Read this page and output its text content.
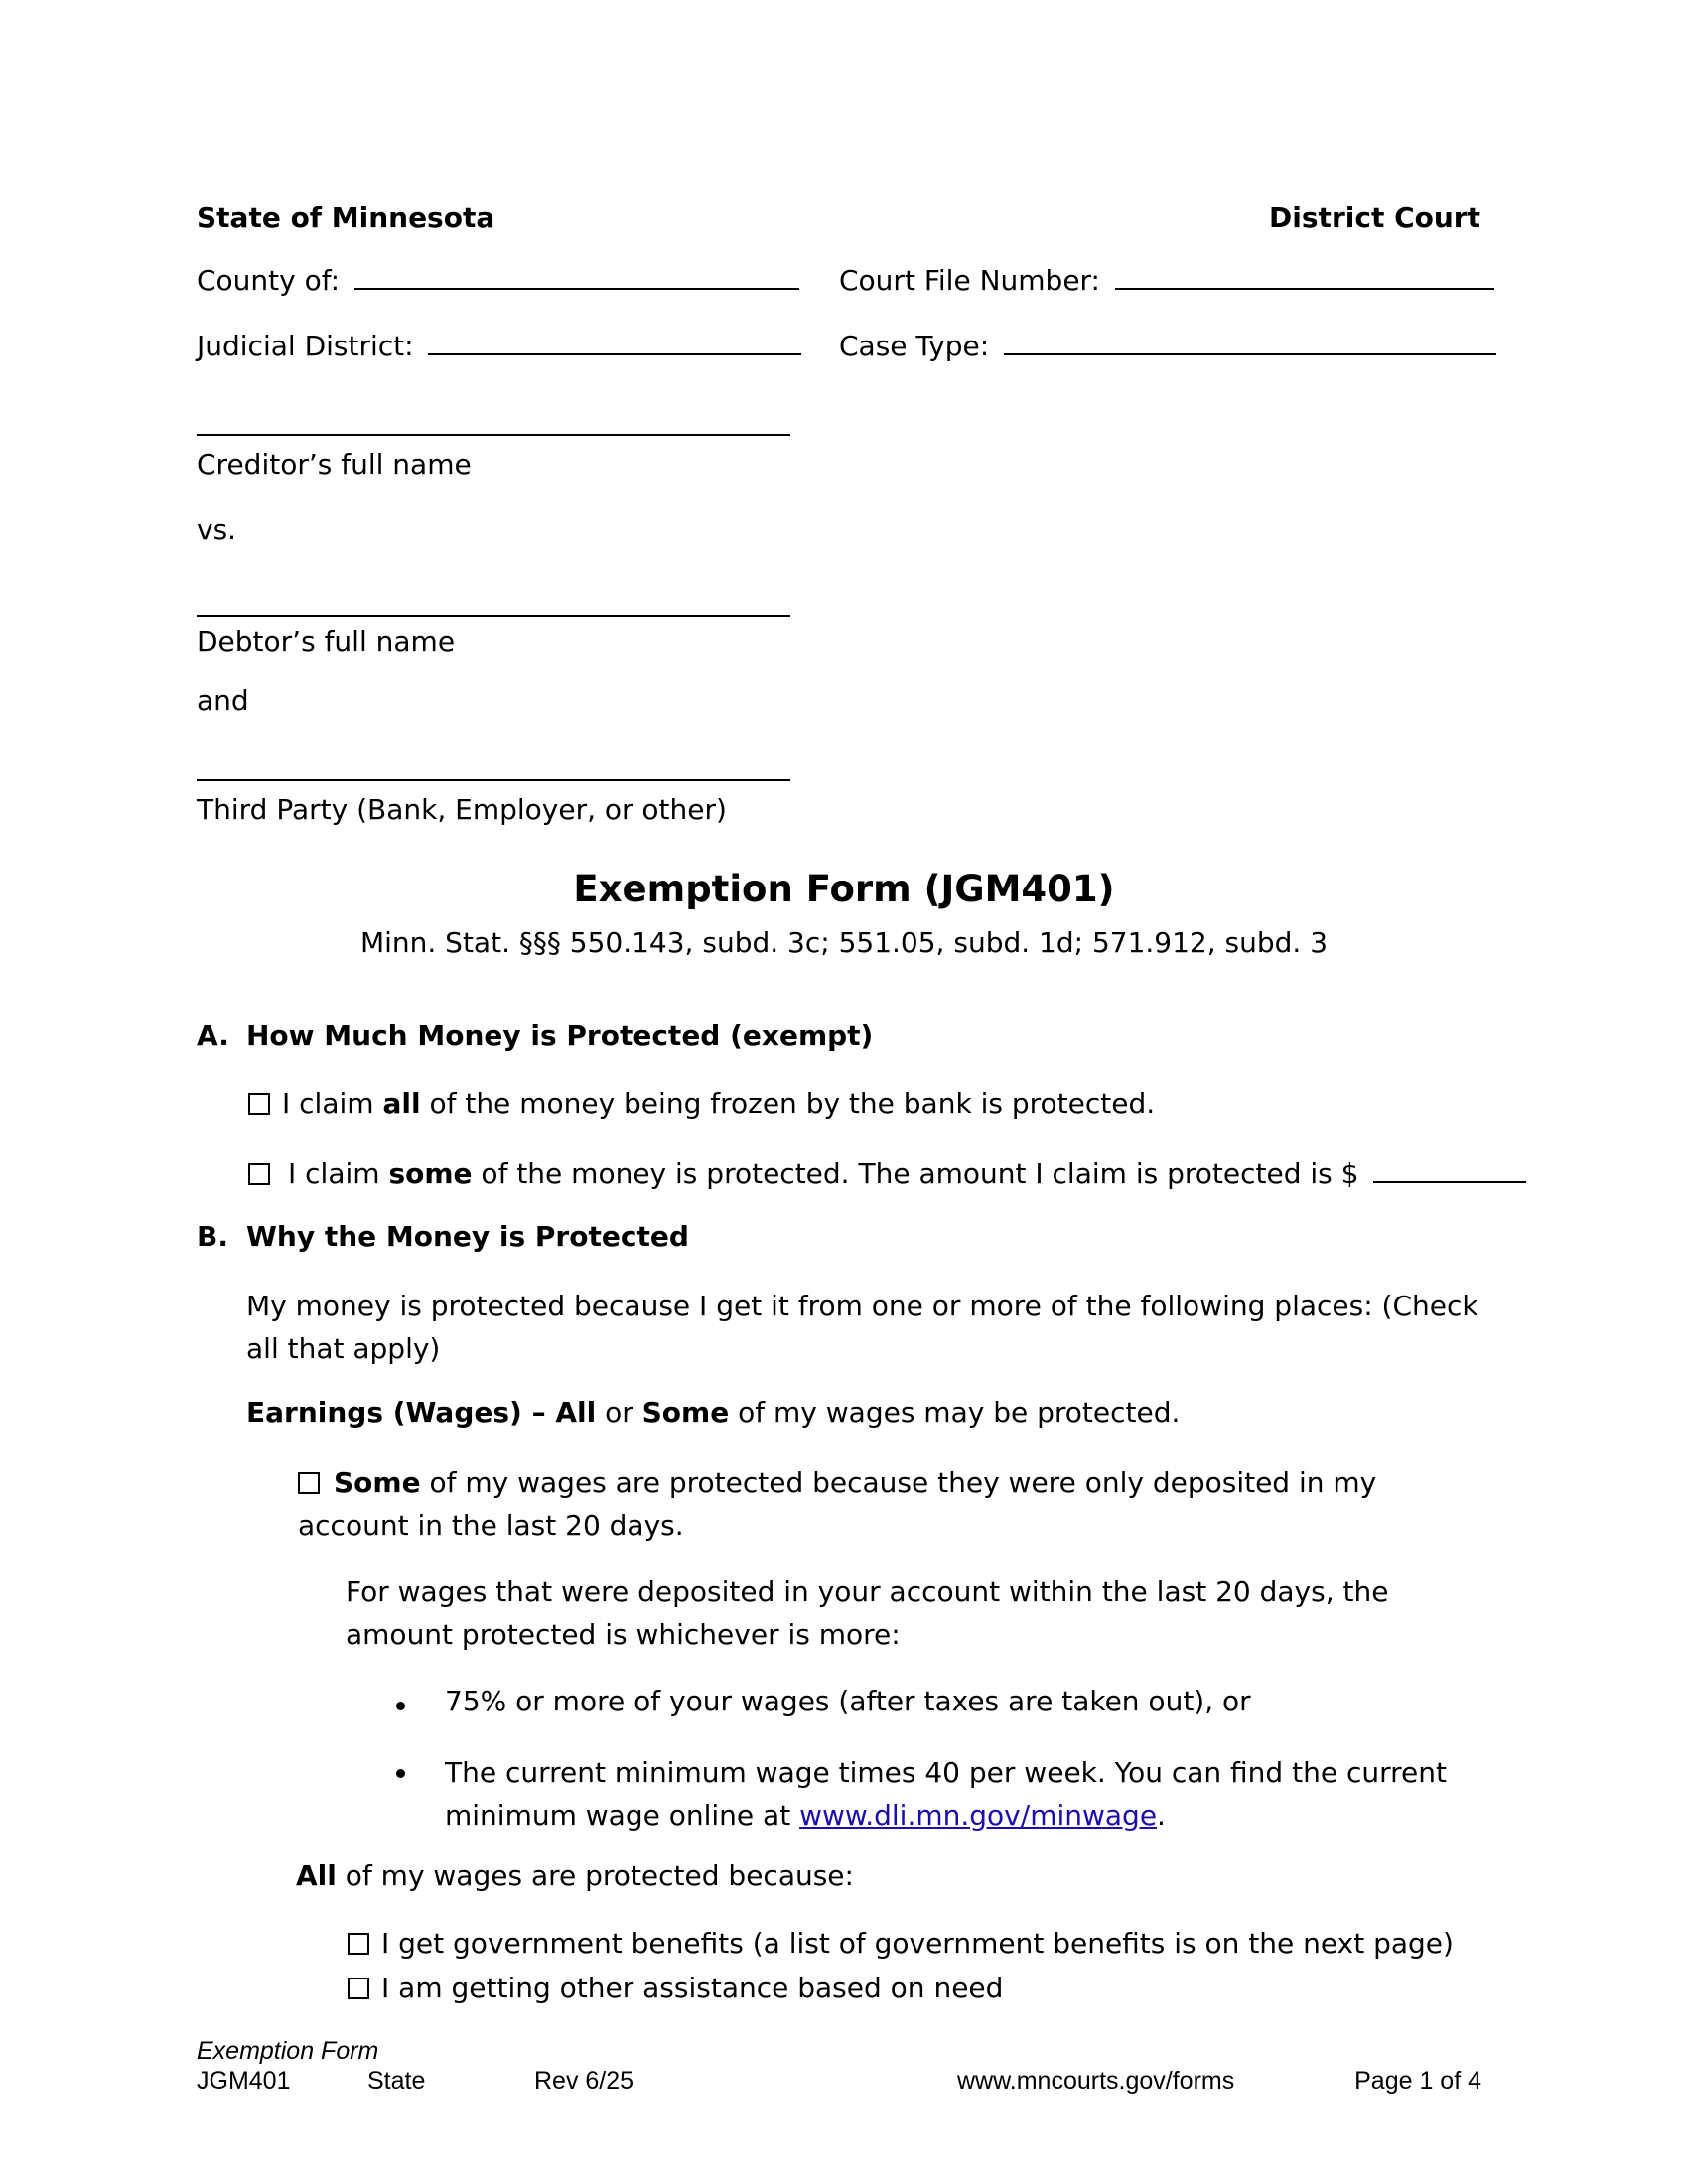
State of Minnesota	District Court
County of:	Court File Number:
Judicial District:	Case Type:
Creditor’s full name
vs.
Debtor’s full name
and
Third Party (Bank, Employer, or other)
Exemption Form (JGM401)
Minn. Stat. §§§ 550.143, subd. 3c; 551.05, subd. 1d; 571.912, subd. 3
A. How Much Money is Protected (exempt)
I claim all of the money being frozen by the bank is protected.
I claim some of the money is protected. The amount I claim is protected is $
B. Why the Money is Protected
My money is protected because I get it from one or more of the following places: (Check all that apply)
Earnings (Wages) – All or Some of my wages may be protected.
Some of my wages are protected because they were only deposited in my account in the last 20 days.
For wages that were deposited in your account within the last 20 days, the amount protected is whichever is more:
75% or more of your wages (after taxes are taken out), or
The current minimum wage times 40 per week. You can find the current minimum wage online at www.dli.mn.gov/minwage.
All of my wages are protected because:
I get government benefits (a list of government benefits is on the next page)
I am getting other assistance based on need
Exemption Form
JGM401	State	Rev 6/25	www.mncourts.gov/forms	Page 1 of 4
